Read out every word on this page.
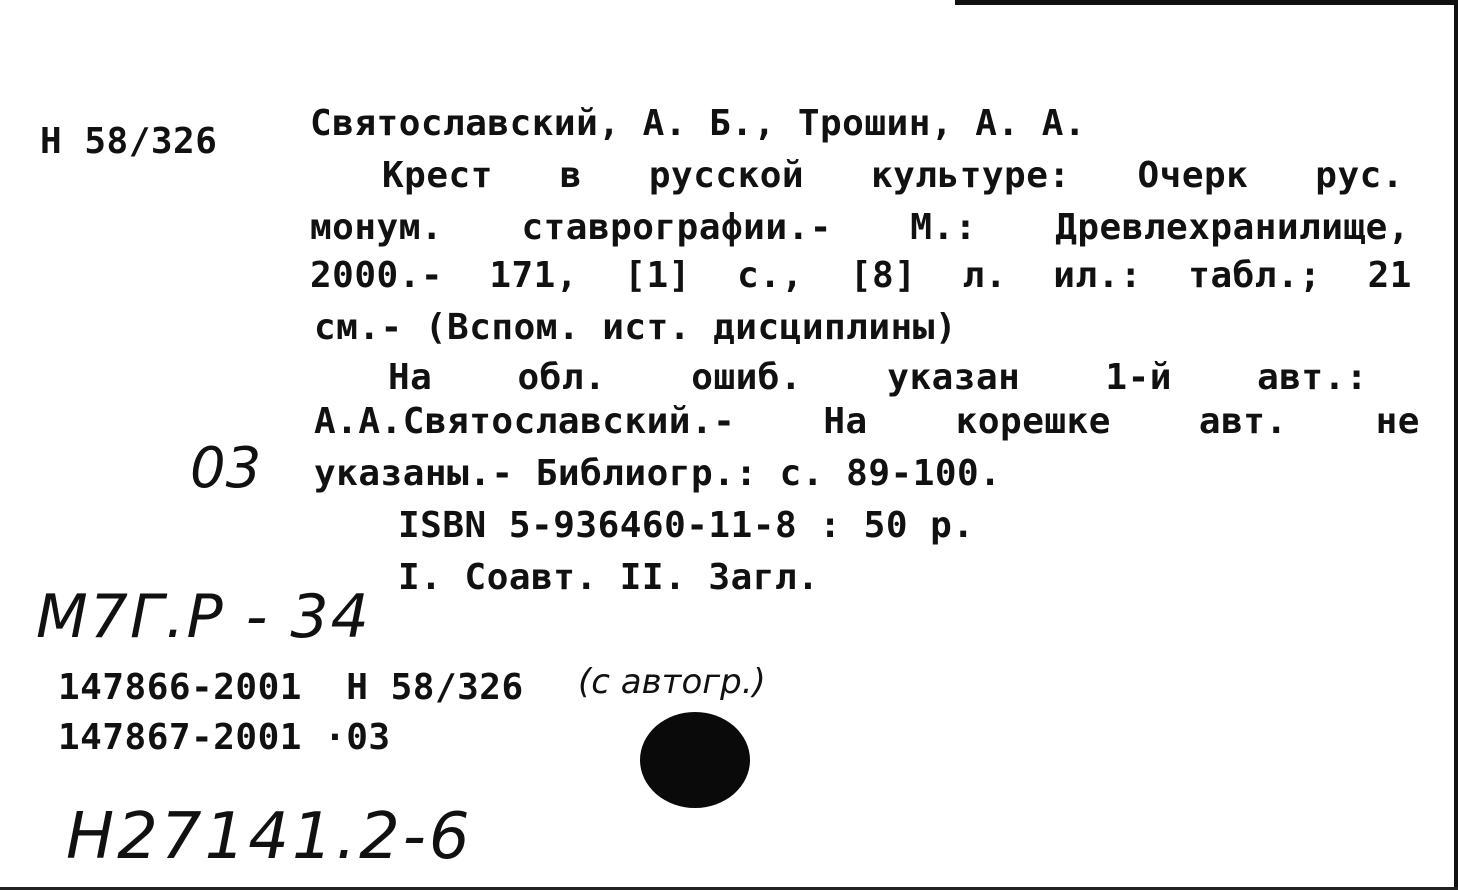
Н 58/326	Святославский, А. Б., Трошин, А. А.
Крест в русской культуре: Очерк рус.
монум. ставрографии.- М.: Древлехранилище,
2000.- 171, [1] с., [8] л. ил.: табл.; 21
см.- (Вспом. ист. дисциплины)
На обл. ошиб. указан 1-й авт.:
А.А.Святославский.- На корешке авт. не
указаны.- Библиогр.: с. 89-100.
ISBN 5-936460-11-8 : 50 р.
I. Соавт. II. Загл.
147866-2001  Н 58/326
147867-2001 ·03
03
М7Г.Р - 34
(с автогр.)
Н27141.2-6
